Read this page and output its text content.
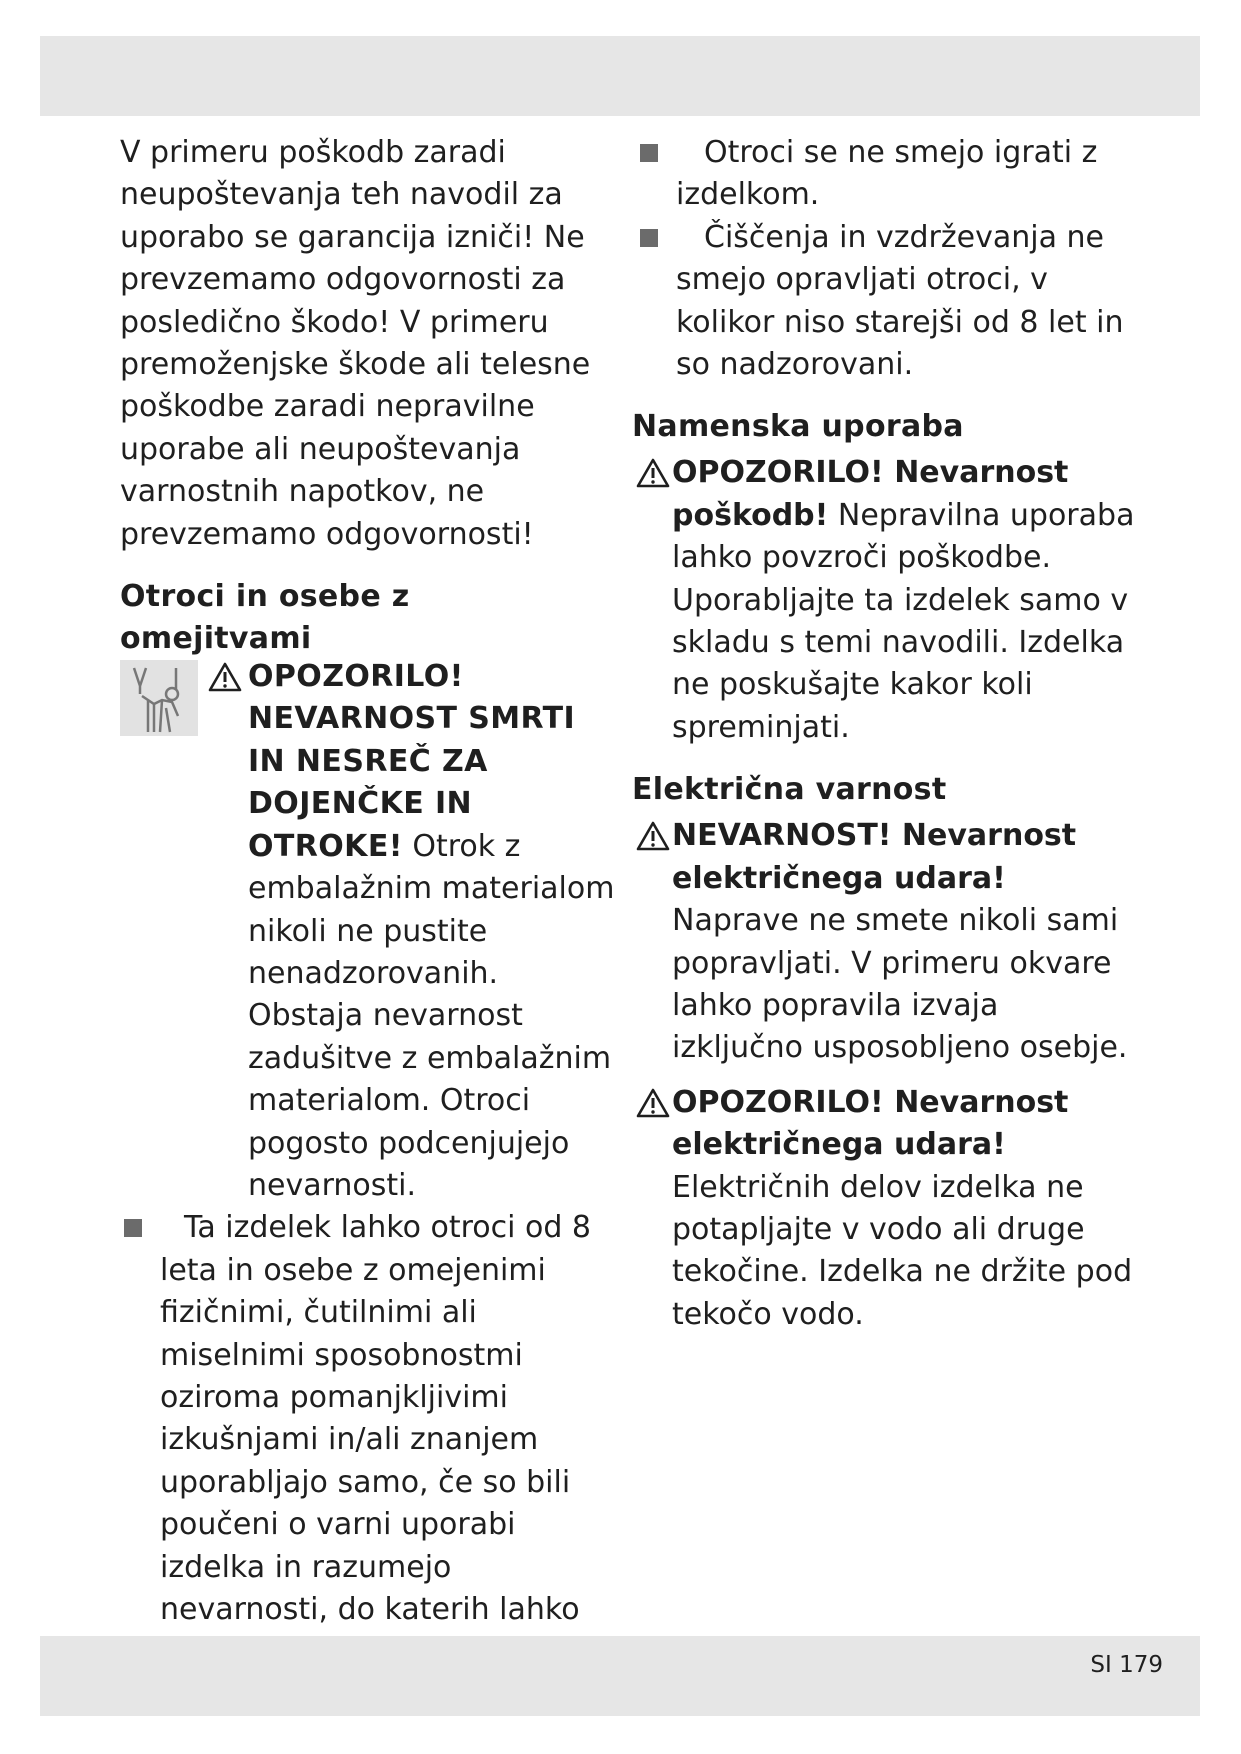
V primeru poškodb zaradi neupoštevanja teh navodil za uporabo se garancija izniči! Ne prevzemamo odgovornosti za posledično škodo! V primeru premoženjske škode ali telesne poškodbe zaradi nepravilne uporabe ali neupoštevanja varnostnih napotkov, ne prevzemamo odgovornosti!

Otroci in osebe z omejitvami

OPOZORILO! NEVARNOST SMRTI IN NESREČ ZA DOJENČKE IN OTROKE! Otrok z embalažnim materialom nikoli ne pustite nenadzorovanih. Obstaja nevarnost zadušitve z embalažnim materialom. Otroci pogosto podcenjujejo nevarnosti.

Ta izdelek lahko otroci od 8 leta in osebe z omejenimi fizičnimi, čutilnimi ali miselnimi sposobnostmi oziroma pomanjkljivimi izkušnjami in/ali znanjem uporabljajo samo, če so bili poučeni o varni uporabi izdelka in razumejo nevarnosti, do katerih lahko

Otroci se ne smejo igrati z izdelkom.

Čiščenja in vzdrževanja ne smejo opravljati otroci, v kolikor niso starejši od 8 let in so nadzorovani.

Namenska uporaba

OPOZORILO! Nevarnost poškodb! Nepravilna uporaba lahko povzroči poškodbe. Uporabljajte ta izdelek samo v skladu s temi navodili. Izdelka ne poskušajte kakor koli spreminjati.

Električna varnost

NEVARNOST! Nevarnost električnega udara!

Naprave ne smete nikoli sami popravljati. V primeru okvare lahko popravila izvaja izključno usposobljeno osebje.

OPOZORILO! Nevarnost električnega udara!

Električnih delov izdelka ne potapljajte v vodo ali druge tekočine. Izdelka ne držite pod tekočo vodo.

SI 179
